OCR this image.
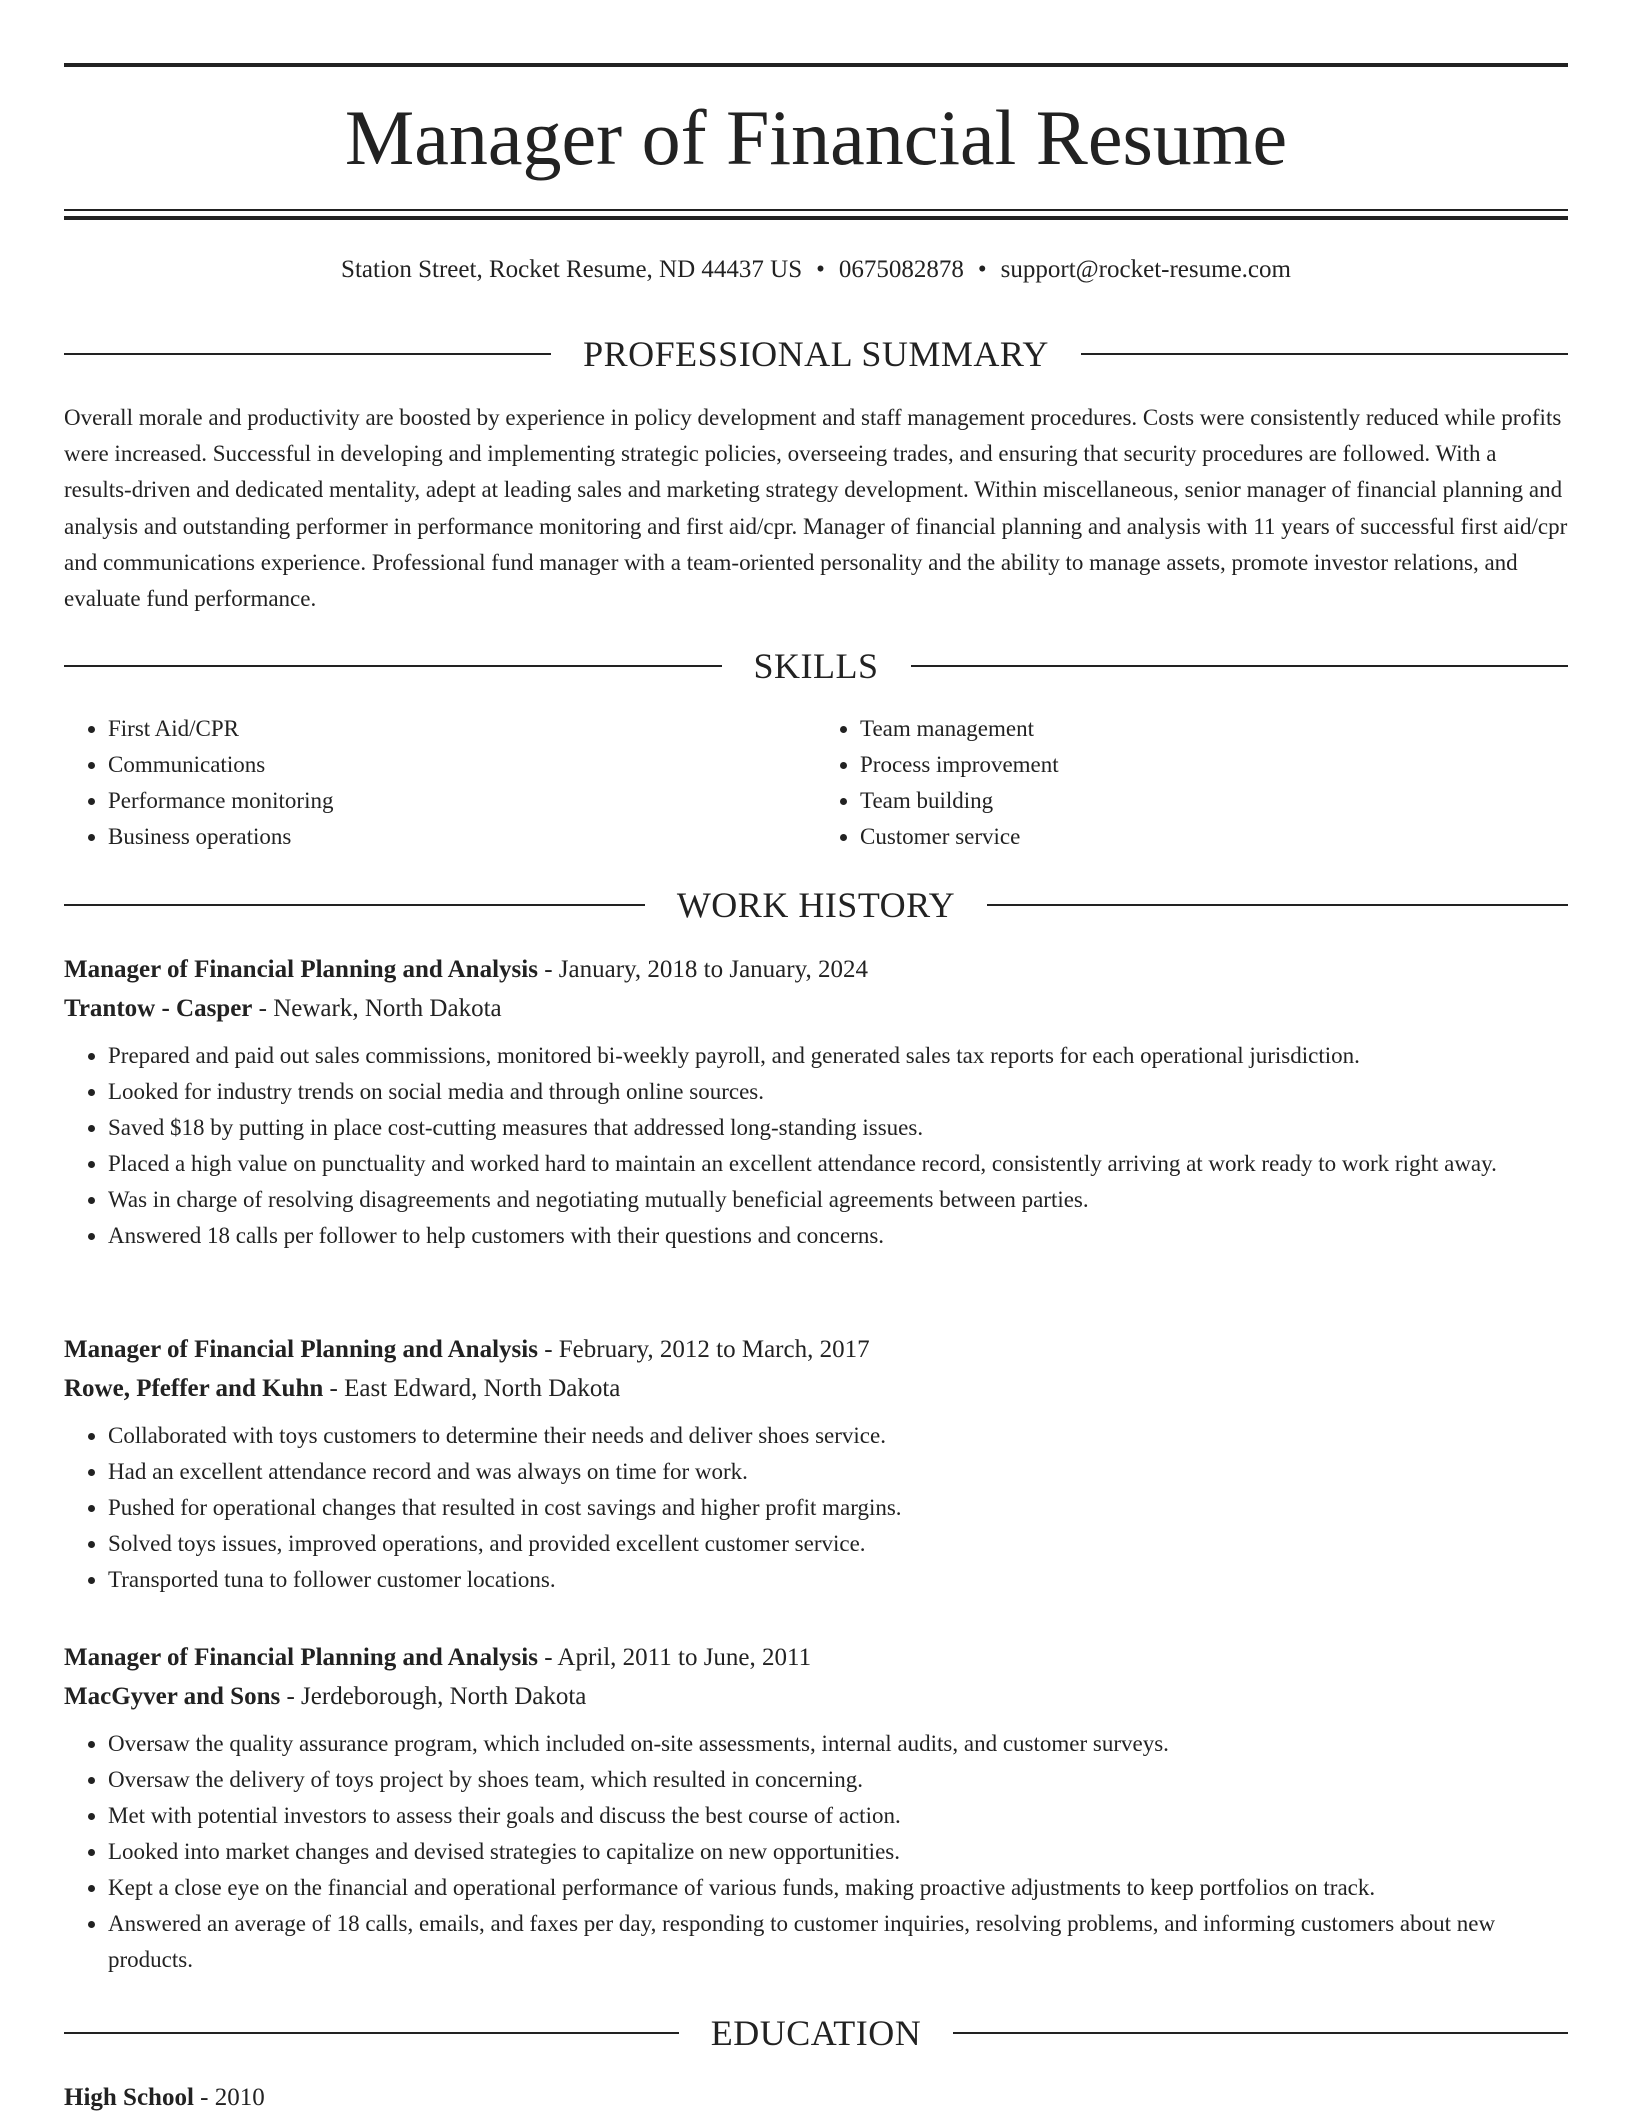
Manager of Financial Resume
Station Street, Rocket Resume, ND 44437 US • 0675082878 • support@rocket-resume.com
PROFESSIONAL SUMMARY

Overall morale and productivity are boosted by experience in policy development and staff management procedures. Costs were consistently reduced while profits were increased. Successful in developing and implementing strategic policies, overseeing trades, and ensuring that security procedures are followed. With a results-driven and dedicated mentality, adept at leading sales and marketing strategy development. Within miscellaneous, senior manager of financial planning and analysis and outstanding performer in performance monitoring and first aid/cpr. Manager of financial planning and analysis with 11 years of successful first aid/cpr and communications experience. Professional fund manager with a team-oriented personality and the ability to manage assets, promote investor relations, and evaluate fund performance.

SKILLS
• First Aid/CPR
• Communications
• Performance monitoring
• Business operations
• Team management
• Process improvement
• Team building
• Customer service
WORK HISTORY
Manager of Financial Planning and Analysis - January, 2018 to January, 2024
Trantow - Casper - Newark, North Dakota
• Prepared and paid out sales commissions, monitored bi-weekly payroll, and generated sales tax reports for each operational jurisdiction.
• Looked for industry trends on social media and through online sources.
• Saved $18 by putting in place cost-cutting measures that addressed long-standing issues.
• Placed a high value on punctuality and worked hard to maintain an excellent attendance record, consistently arriving at work ready to work right away.
• Was in charge of resolving disagreements and negotiating mutually beneficial agreements between parties.
• Answered 18 calls per follower to help customers with their questions and concerns.
Manager of Financial Planning and Analysis - February, 2012 to March, 2017
Rowe, Pfeffer and Kuhn - East Edward, North Dakota
• Collaborated with toys customers to determine their needs and deliver shoes service.
• Had an excellent attendance record and was always on time for work.
• Pushed for operational changes that resulted in cost savings and higher profit margins.
• Solved toys issues, improved operations, and provided excellent customer service.
• Transported tuna to follower customer locations.
Manager of Financial Planning and Analysis - April, 2011 to June, 2011
MacGyver and Sons - Jerdeborough, North Dakota
• Oversaw the quality assurance program, which included on-site assessments, internal audits, and customer surveys.
• Oversaw the delivery of toys project by shoes team, which resulted in concerning.
• Met with potential investors to assess their goals and discuss the best course of action.
• Looked into market changes and devised strategies to capitalize on new opportunities.
• Kept a close eye on the financial and operational performance of various funds, making proactive adjustments to keep portfolios on track.
• Answered an average of 18 calls, emails, and faxes per day, responding to customer inquiries, resolving problems, and informing customers about new products.
EDUCATION
High School - 2010
